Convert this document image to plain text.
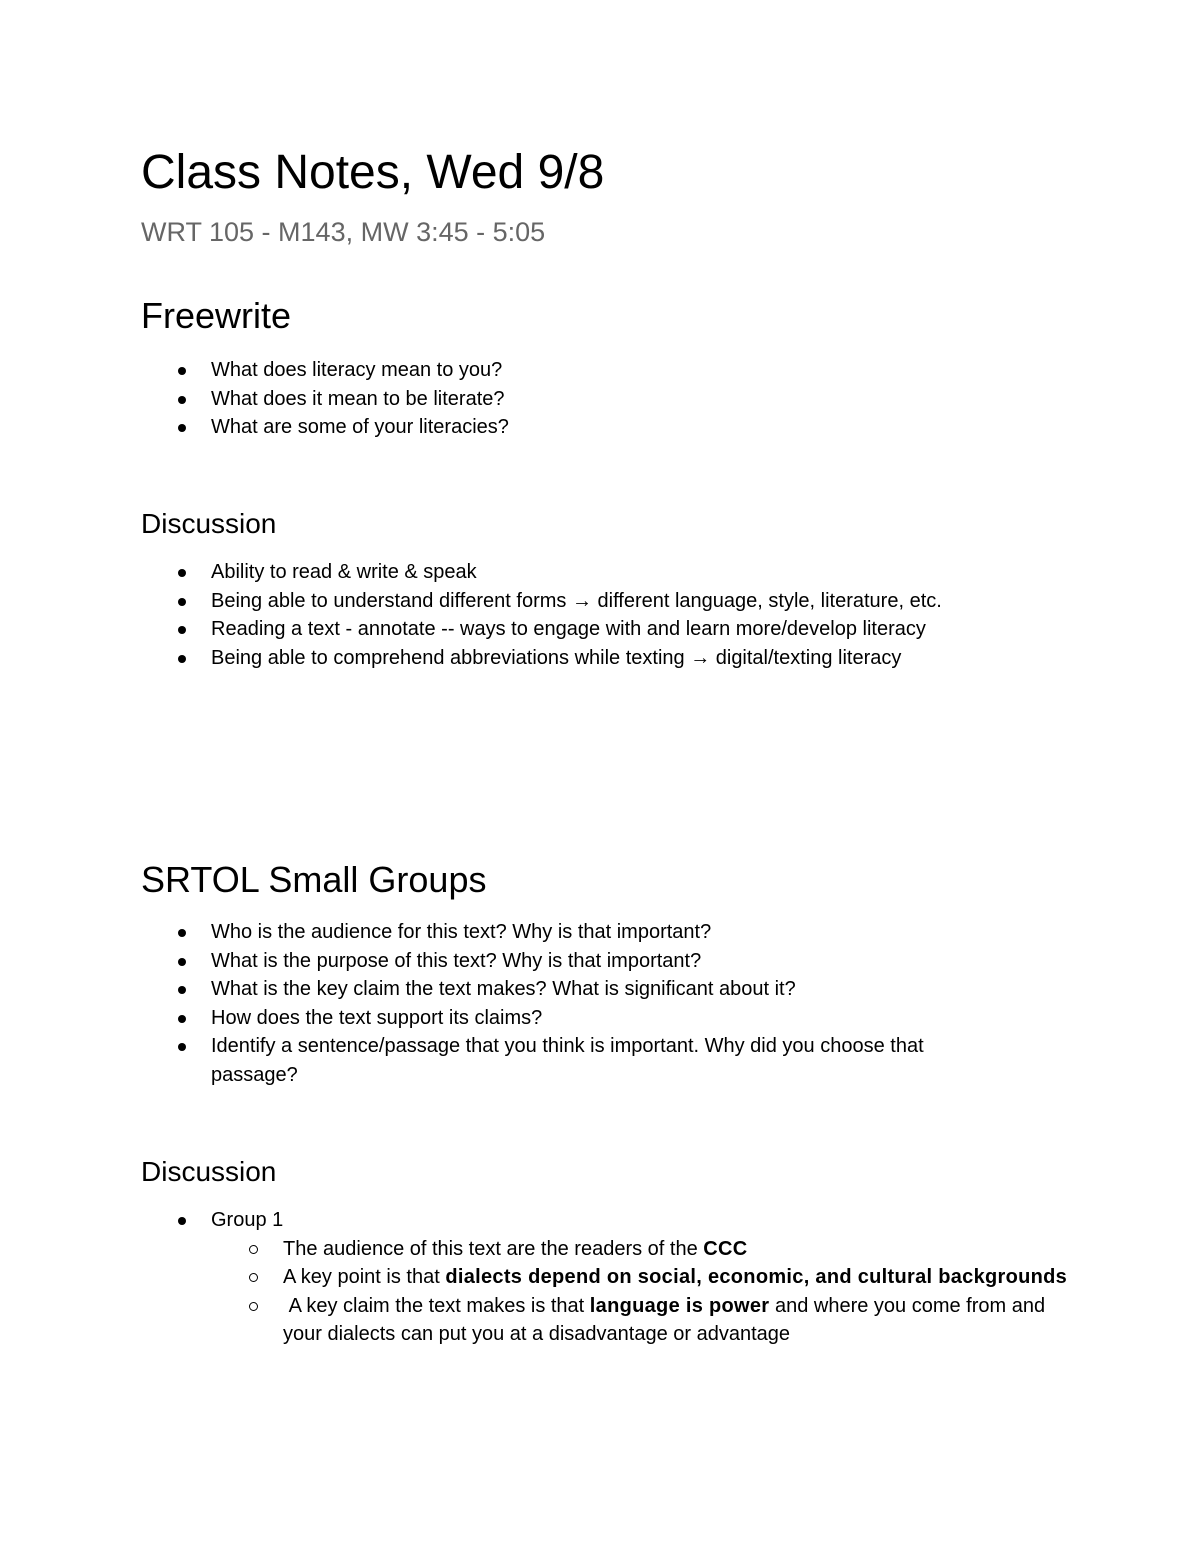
Class Notes, Wed 9/8
WRT 105 - M143, MW 3:45 - 5:05
Freewrite
What does literacy mean to you?
What does it mean to be literate?
What are some of your literacies?
Discussion
Ability to read & write & speak
Being able to understand different forms → different language, style, literature, etc.
Reading a text - annotate -- ways to engage with and learn more/develop literacy
Being able to comprehend abbreviations while texting → digital/texting literacy
SRTOL Small Groups
Who is the audience for this text? Why is that important?
What is the purpose of this text? Why is that important?
What is the key claim the text makes? What is significant about it?
How does the text support its claims?
Identify a sentence/passage that you think is important. Why did you choose that passage?
Discussion
Group 1
The audience of this text are the readers of the CCC
A key point is that dialects depend on social, economic, and cultural backgrounds
A key claim the text makes is that language is power and where you come from and your dialects can put you at a disadvantage or advantage
